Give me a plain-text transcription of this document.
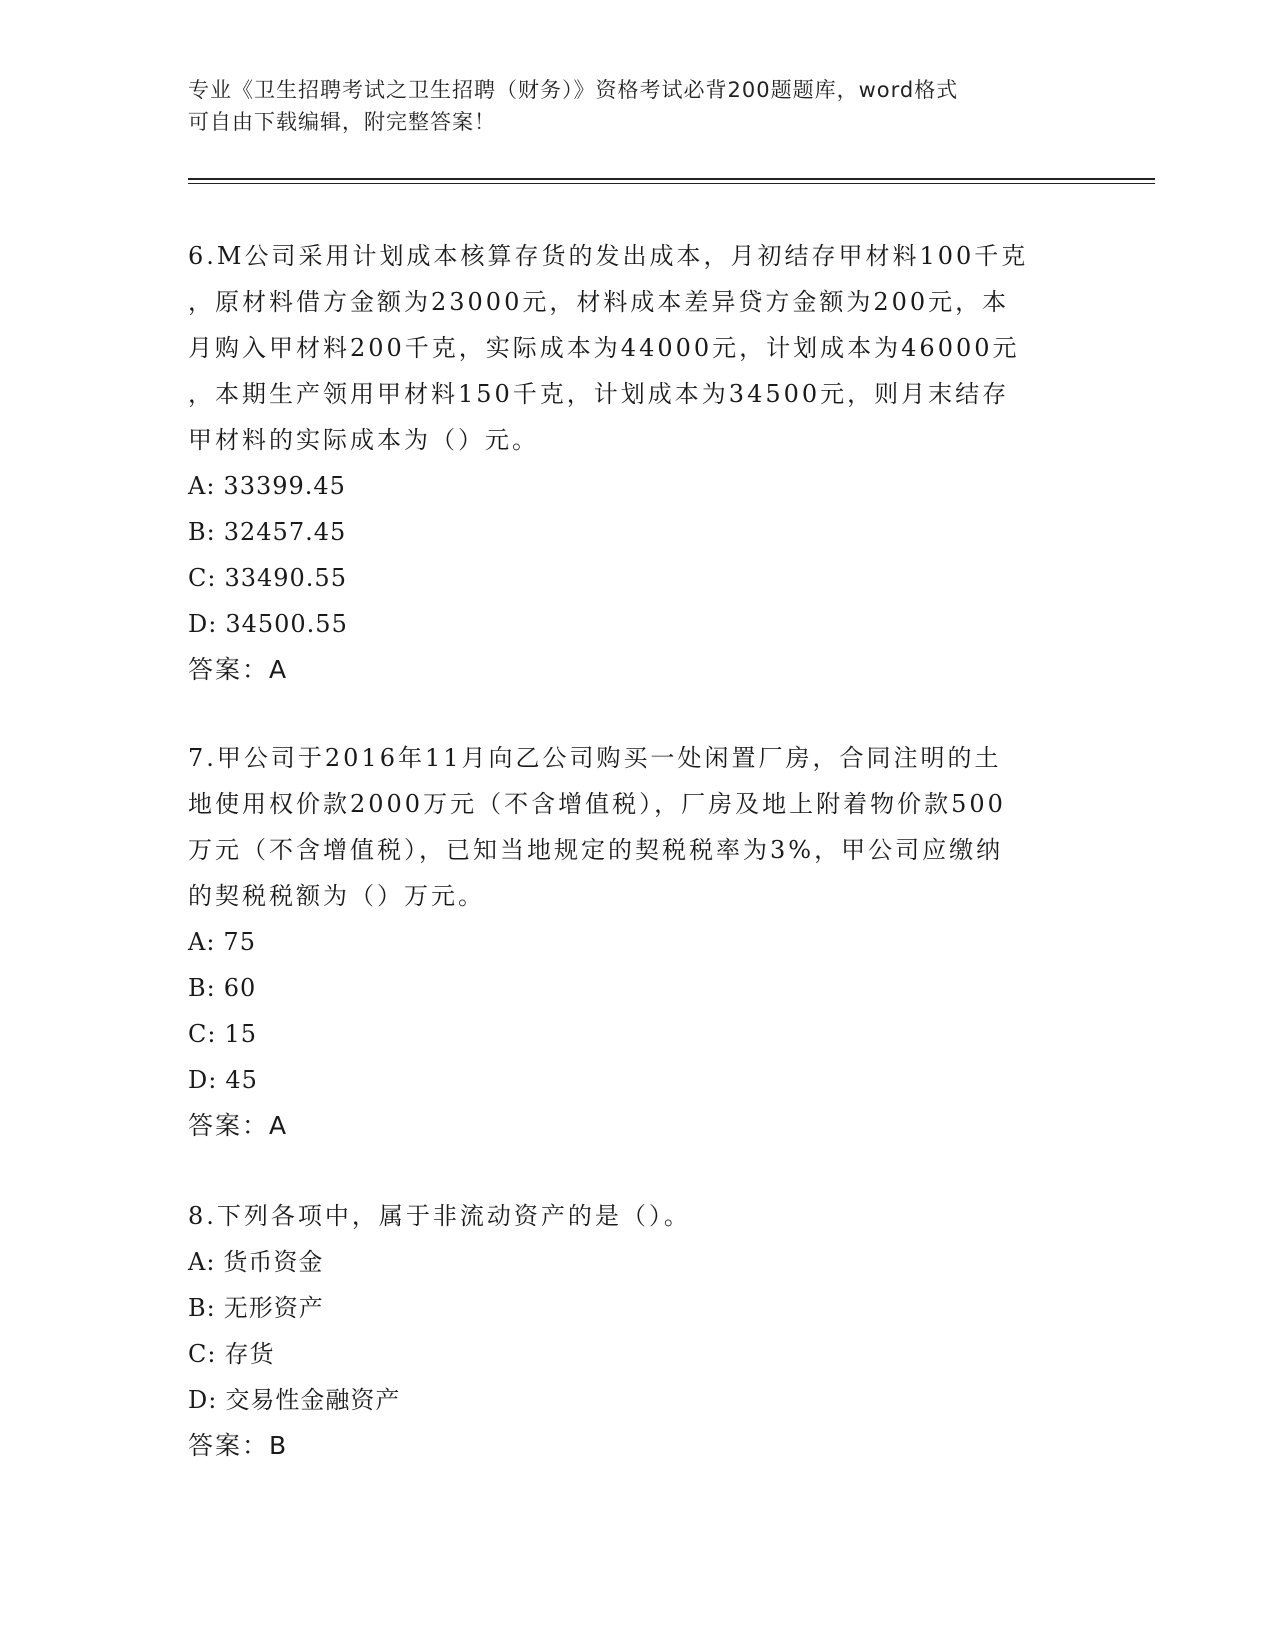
专业《卫生招聘考试之卫生招聘（财务）》资格考试必背200题题库，word格式
可自由下载编辑，附完整答案！
6.M公司采用计划成本核算存货的发出成本，月初结存甲材料100千克
，原材料借方金额为23000元，材料成本差异贷方金额为200元，本
月购入甲材料200千克，实际成本为44000元，计划成本为46000元
，本期生产领用甲材料150千克，计划成本为34500元，则月末结存
甲材料的实际成本为（）元。
A: 33399.45
B: 32457.45
C: 33490.55
D: 34500.55
答案：A
7.甲公司于2016年11月向乙公司购买一处闲置厂房，合同注明的土
地使用权价款2000万元（不含增值税），厂房及地上附着物价款500
万元（不含增值税），已知当地规定的契税税率为3%，甲公司应缴纳
的契税税额为（）万元。
A: 75
B: 60
C: 15
D: 45
答案：A
8.下列各项中，属于非流动资产的是（）。
A: 货币资金
B: 无形资产
C: 存货
D: 交易性金融资产
答案：B
